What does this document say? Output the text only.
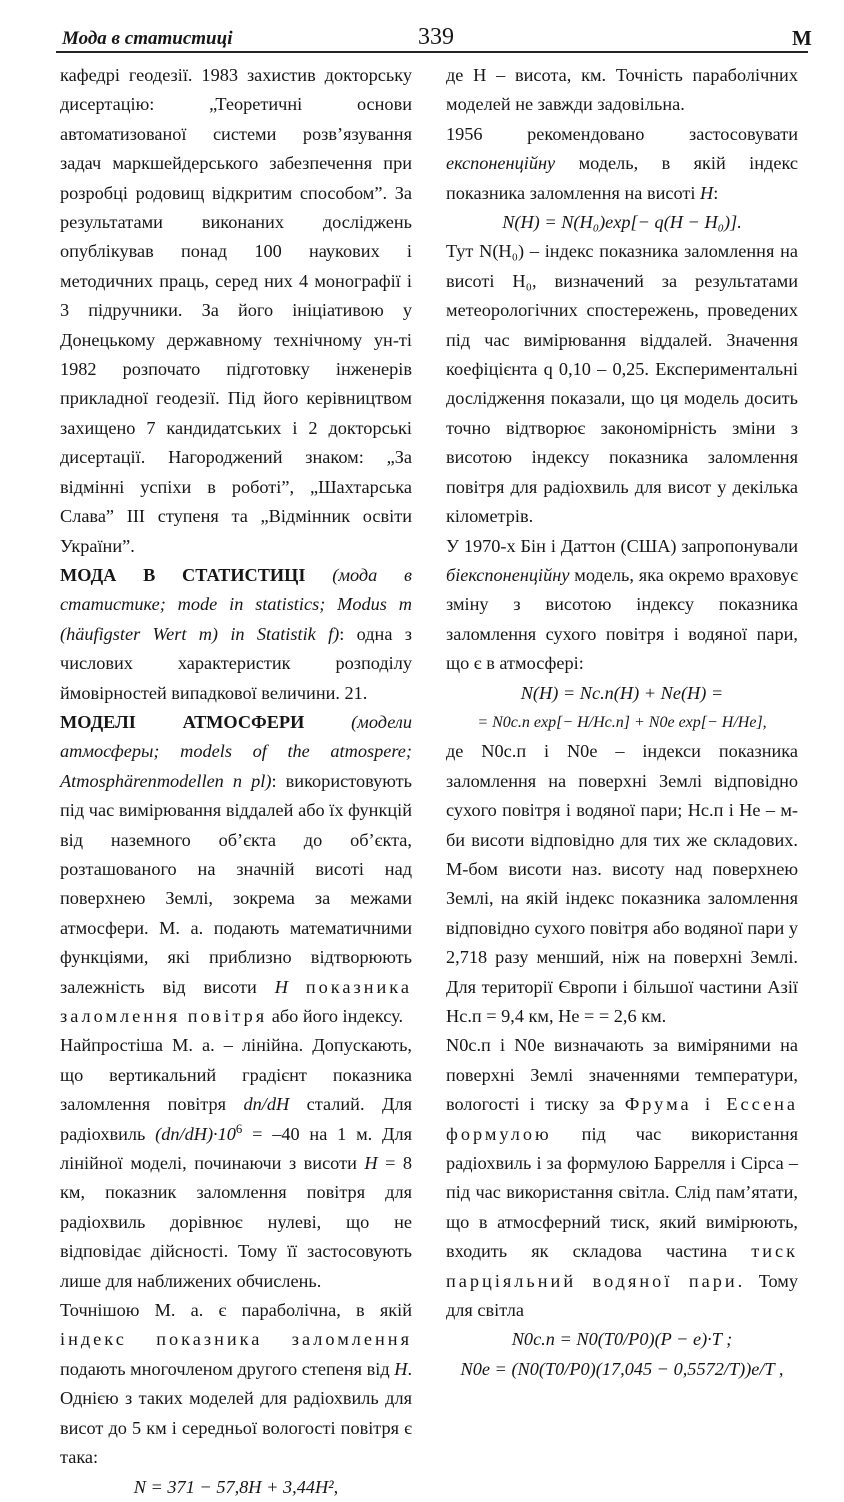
Мода в статистиці	339	М

кафедрі геодезії. 1983 захистив докторську дисертацію: „Теоретичні основи автоматизованої системи розв’язування задач маркшейдерського забезпечення при розробці родовищ відкритим способом”. За результатами виконаних досліджень опублікував понад 100 наукових і методичних праць, серед них 4 монографії і 3 підручники. За його ініціативою у Донецькому державному технічному ун-ті 1982 розпочато підготовку інженерів прикладної геодезії. Під його керівництвом захищено 7 кандидатських і 2 докторські дисертації. Нагороджений знаком: „За відмінні успіхи в роботі”, „Шахтарська Слава” III ступеня та „Відмінник освіти України”.

МОДА В СТАТИСТИЦІ (мода в статистике; mode in statistics; Modus m (häufigster Wert m) in Statistik f): одна з числових характеристик розподілу ймовірностей випадкової величини. 21.

МОДЕЛІ АТМОСФЕРИ	(модели атмосферы; models of the atmospere; Atmosphärenmodellen n pl): використовують під час вимірювання віддалей або їх функцій від наземного об’єкта до об’єкта, розташованого на значній висоті над поверхнею Землі, зокрема за межами атмосфери. М. а. подають математичними функціями, які приблизно відтворюють залежність від висоти H показника заломлення повітря або його індексу.

Найпростіша М. а. – лінійна. Допускають, що вертикальний градієнт показника заломлення повітря dn/dH сталий. Для радіохвиль $(dn/dH)\cdot 10^6 = -40$ на 1 м. Для лінійної моделі, починаючи з висоти H = 8 км, показник заломлення повітря для радіохвиль дорівнює нулеві, що не відповідає дійсності. Тому її застосовують лише для наближених обчислень.

Точнішою М. а. є параболічна, в якій індекс показника заломлення подають многочленом другого степеня від H. Однією з таких моделей для радіохвиль для висот до 5 км і середньої вологості повітря є така:

N = 371 − 57,8H + 3,44H²,

де H – висота, км. Точність параболічних моделей не завжди задовільна.

1956 рекомендовано застосовувати експоненційну модель, в якій індекс показника заломлення на висоті H:

N(H) = N(H₀)exp[− q(H − H₀)].

Тут N(H₀) – індекс показника заломлення на висоті H₀, визначений за результатами метеорологічних спостережень, проведених під час вимірювання віддалей. Значення коефіцієнта q 0,10 – 0,25. Експериментальні дослідження показали, що ця модель досить точно відтворює закономірність зміни з висотою індексу показника заломлення повітря для радіохвиль для висот у декілька кілометрів.

У 1970-х Бін і Даттон (США) запропонували біекспоненційну модель, яка окремо враховує зміну з висотою індексу показника заломлення сухого повітря і водяної пари, що є в атмосфері:

N(H) = Nс.п(H) + Ne(H) =

= N0с.п exp[− H/Hс.п] + N0e exp[− H/He],

де N0с.п і N0e – індекси показника заломлення на поверхні Землі відповідно сухого повітря і водяної пари; Hс.п і He – м-би висоти відповідно для тих же складових. М-бом висоти наз. висоту над поверхнею Землі, на якій індекс показника заломлення відповідно сухого повітря або водяної пари у 2,718 разу менший, ніж на поверхні Землі. Для території Європи і більшої частини Азії Hс.п = 9,4 км, He = = 2,6 км.

N0с.п і N0e визначають за виміряними на поверхні Землі значеннями температури, вологості і тиску за Фрума і Ессена формулою під час використання радіохвиль і за формулою Баррелля і Сірса – під час використання світла. Слід пам’ятати, що в атмосферний тиск, який вимірюють, входить як складова частина тиск парціяльний водяної пари. Тому для світла

N0с.п = N0(T0/P0)(P − e)·T ;

N0e = (N0(T0/P0)(17,045 − 0,5572/T))e/T ,
